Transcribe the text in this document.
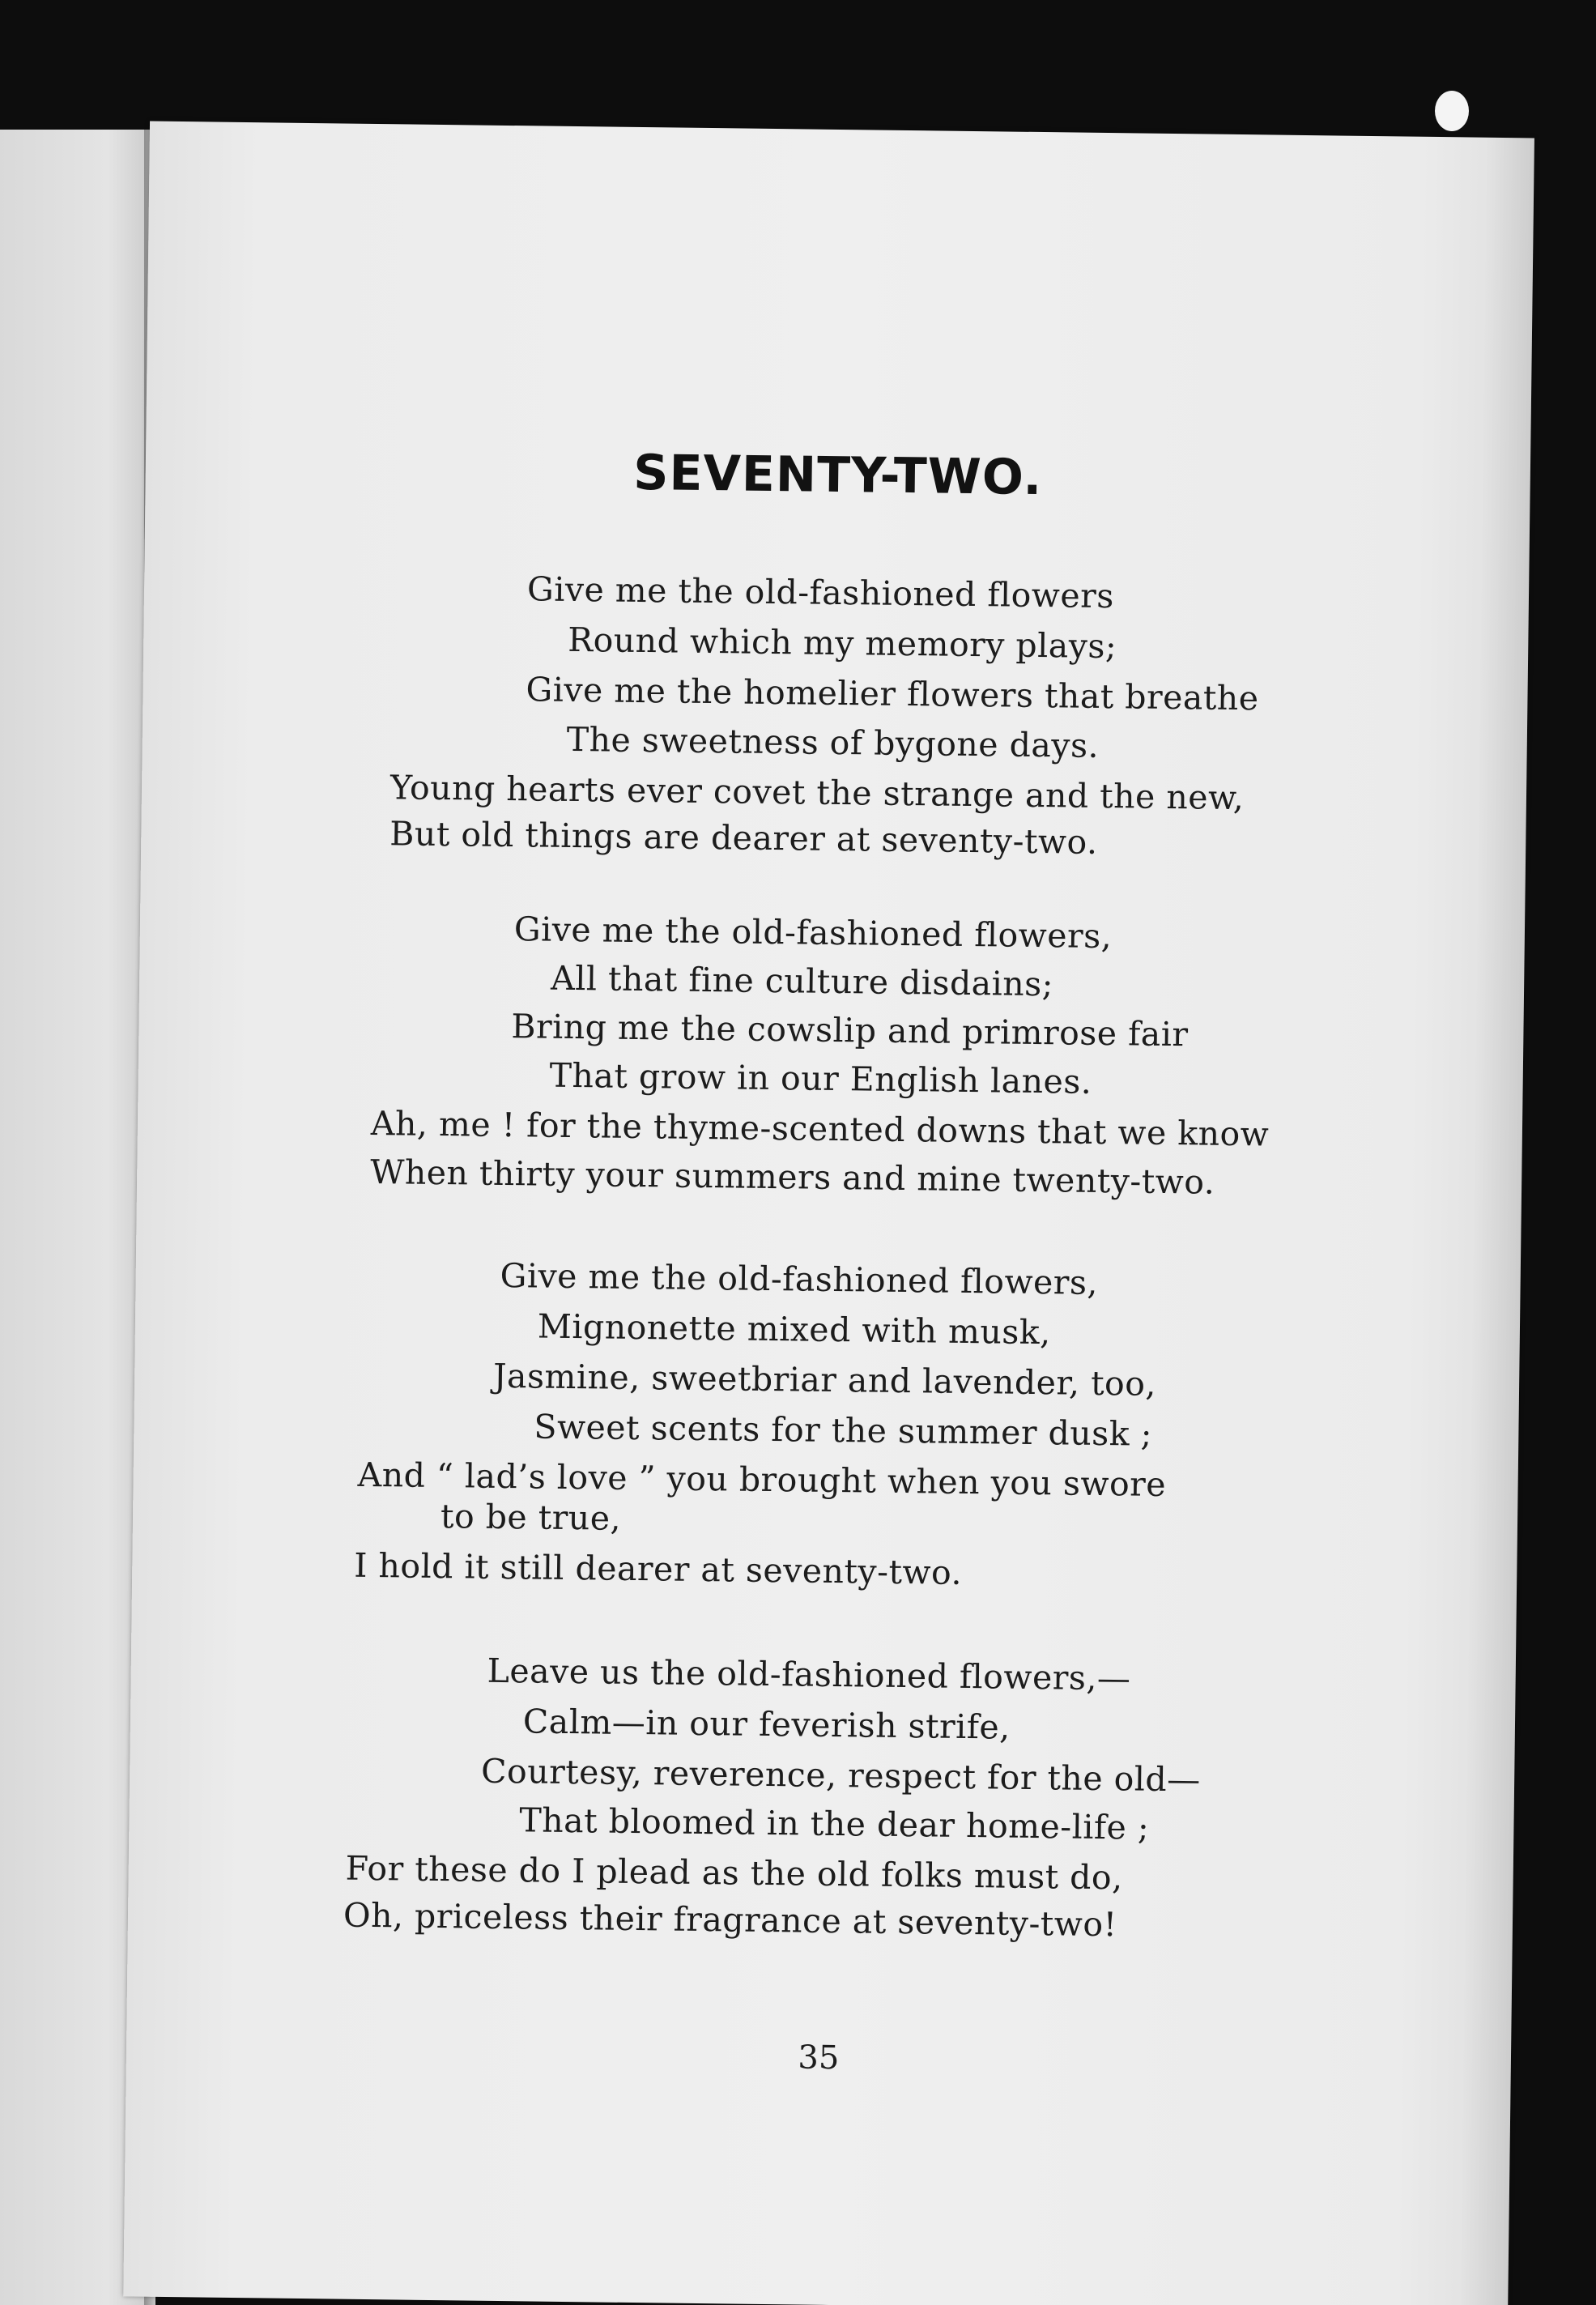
SEVENTY-TWO.
Give me the old-fashioned flowers
Round which my memory plays;
Give me the homelier flowers that breathe
The sweetness of bygone days.
Young hearts ever covet the strange and the new,
But old things are dearer at seventy-two.
Give me the old-fashioned flowers,
All that fine culture disdains;
Bring me the cowslip and primrose fair
That grow in our English lanes.
Ah, me ! for the thyme-scented downs that we know
When thirty your summers and mine twenty-two.
Give me the old-fashioned flowers,
Mignonette mixed with musk,
Jasmine, sweetbriar and lavender, too,
Sweet scents for the summer dusk ;
And “ lad’s love ” you brought when you swore
to be true,
I hold it still dearer at seventy-two.
Leave us the old-fashioned flowers,—
Calm—in our feverish strife,
Courtesy, reverence, respect for the old—
That bloomed in the dear home-life ;
For these do I plead as the old folks must do,
Oh, priceless their fragrance at seventy-two!
35
